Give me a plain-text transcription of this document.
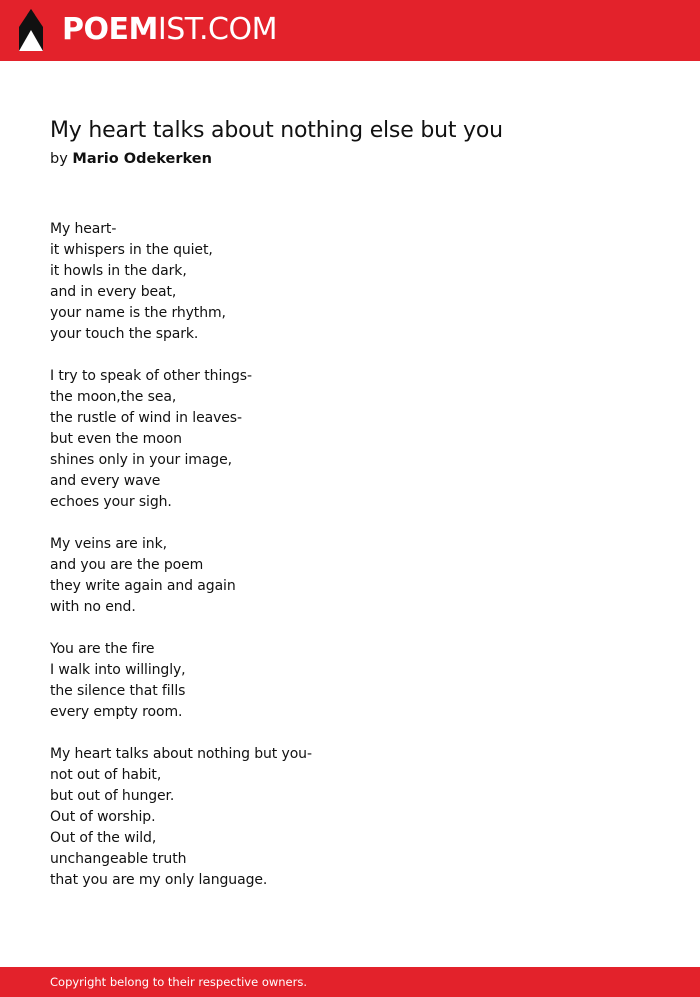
POEMIST.COM
My heart talks about nothing else but you
by Mario Odekerken
My heart-
it whispers in the quiet,
it howls in the dark,
and in every beat,
your name is the rhythm,
your touch the spark.
I try to speak of other things-
the moon,the sea,
the rustle of wind in leaves-
but even the moon
shines only in your image,
and every wave
echoes your sigh.
My veins are ink,
and you are the poem
they write again and again
with no end.
You are the fire
I walk into willingly,
the silence that fills
every empty room.
My heart talks about nothing but you-
not out of habit,
but out of hunger.
Out of worship.
Out of the wild,
unchangeable truth
that you are my only language.
Copyright belong to their respective owners.
